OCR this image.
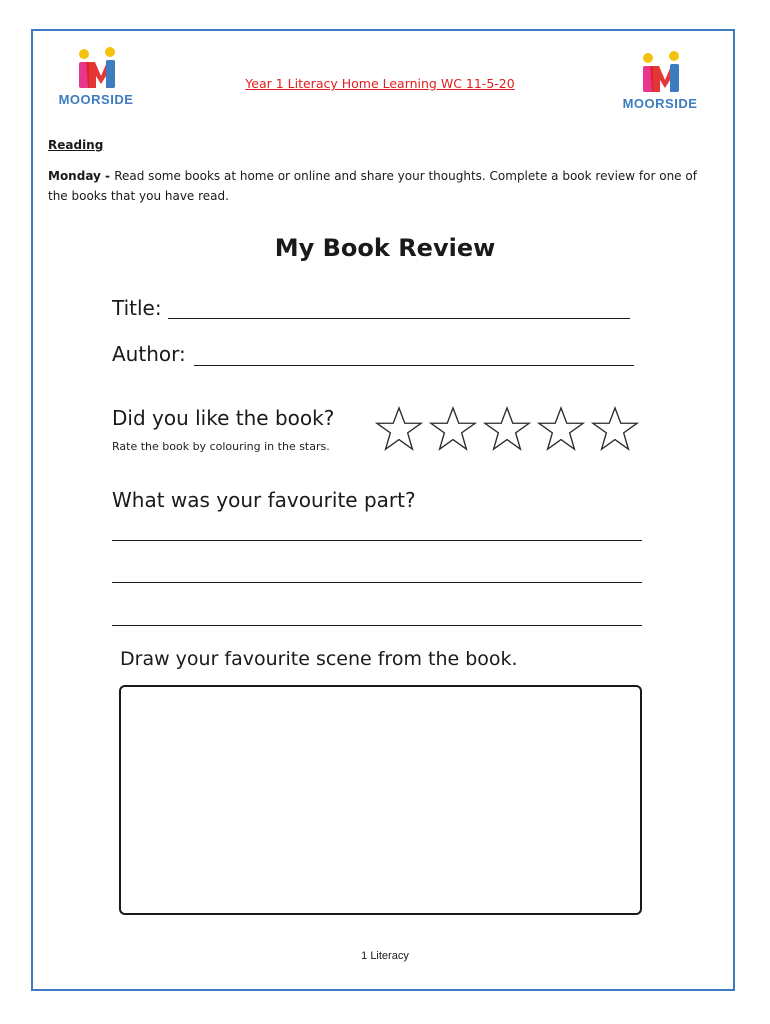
MOORSIDE
Year 1 Literacy Home Learning WC 11-5-20
MOORSIDE
Reading
Monday - Read some books at home or online and share your thoughts. Complete a book review for one of the books that you have read.
My Book Review
Title:
Author:
Did you like the book?
Rate the book by colouring in the stars.
What was your favourite part?
Draw your favourite scene from the book.
1 Literacy
